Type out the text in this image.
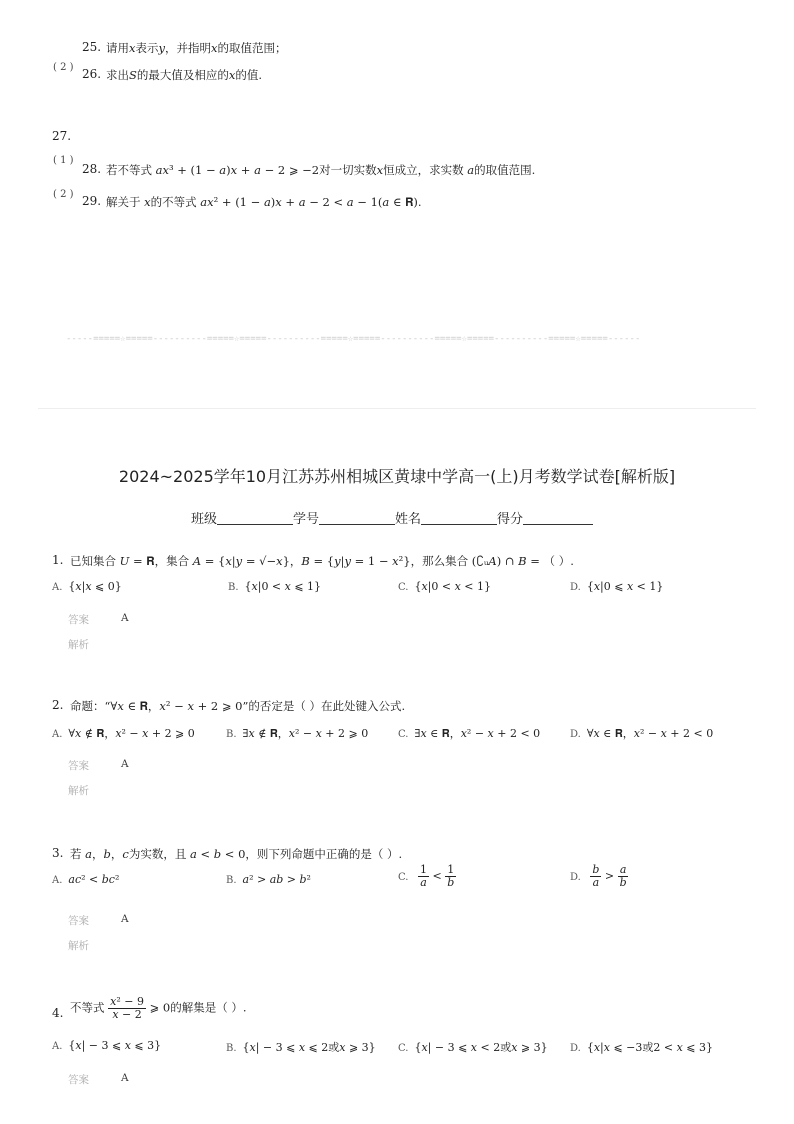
25. 请用𝑥表示𝑦，并指明𝑥的取值范围；
( 2 ) 26. 求出𝑆的最大值及相应的𝑥的值.
27.
( 1 )
28. 若不等式 𝑎𝑥³ + (1 − 𝑎)𝑥 + 𝑎 − 2 ⩾ −2对一切实数𝑥恒成立，求实数 𝑎的取值范围.
( 2 ) 29. 解关于 𝑥的不等式 𝑎𝑥² + (1 − 𝑎)𝑥 + 𝑎 − 2 < 𝑎 − 1(𝑎 ∈ 𝐑).
-----=====☆=====----------=====☆=====----------=====☆=====----------=====☆=====----------=====☆=====------
2024~2025学年10月江苏苏州相城区黄埭中学高一(上)月考数学试卷[解析版]
班级	学号	姓名	得分
1. 已知集合 𝑈 = 𝐑，集合 𝐴 = {𝑥|𝑦 = √−𝑥}，𝐵 = {𝑦|𝑦 = 1 − 𝑥²}，那么集合 (∁ᵤ𝐴) ∩ 𝐵 = （ ）.
A. {𝑥|𝑥 ⩽ 0}	B. {𝑥|0 < 𝑥 ⩽ 1}	C. {𝑥|0 < 𝑥 < 1}	D. {𝑥|0 ⩽ 𝑥 < 1}
答案	A
解析
2. 命题：“∀𝑥 ∈ 𝐑，𝑥² − 𝑥 + 2 ⩾ 0”的否定是（ ）在此处键入公式.
A. ∀𝑥 ∉ 𝐑，𝑥² − 𝑥 + 2 ⩾ 0	B. ∃𝑥 ∉ 𝐑，𝑥² − 𝑥 + 2 ⩾ 0	C. ∃𝑥 ∈ 𝐑，𝑥² − 𝑥 + 2 < 0	D. ∀𝑥 ∈ 𝐑，𝑥² − 𝑥 + 2 < 0
答案	A
解析
3. 若 𝑎，𝑏，𝑐为实数，且 𝑎 < 𝑏 < 0，则下列命题中正确的是（ ）.
A. 𝑎𝑐² < 𝑏𝑐²	B. 𝑎² > 𝑎𝑏 > 𝑏²	C. $\frac{1}{\text{𝑎}} < \frac{1}{\text{𝑏}}$	D. $\frac{\text{𝑏}}{\text{𝑎}} > \frac{\text{𝑎}}{\text{𝑏}}$
答案	A
解析
4. 不等式 $\frac{\text{𝑥² − 9}}{\text{𝑥 − 2}}$ ⩾ 0的解集是（ ）.
A. {𝑥| − 3 ⩽ 𝑥 ⩽ 3}	B. {𝑥| − 3 ⩽ 𝑥 ⩽ 2或𝑥 ⩾ 3} C. {𝑥| − 3 ⩽ 𝑥 < 2或𝑥 ⩾ 3} D. {𝑥|𝑥 ⩽ −3或2 < 𝑥 ⩽ 3}
答案	A
